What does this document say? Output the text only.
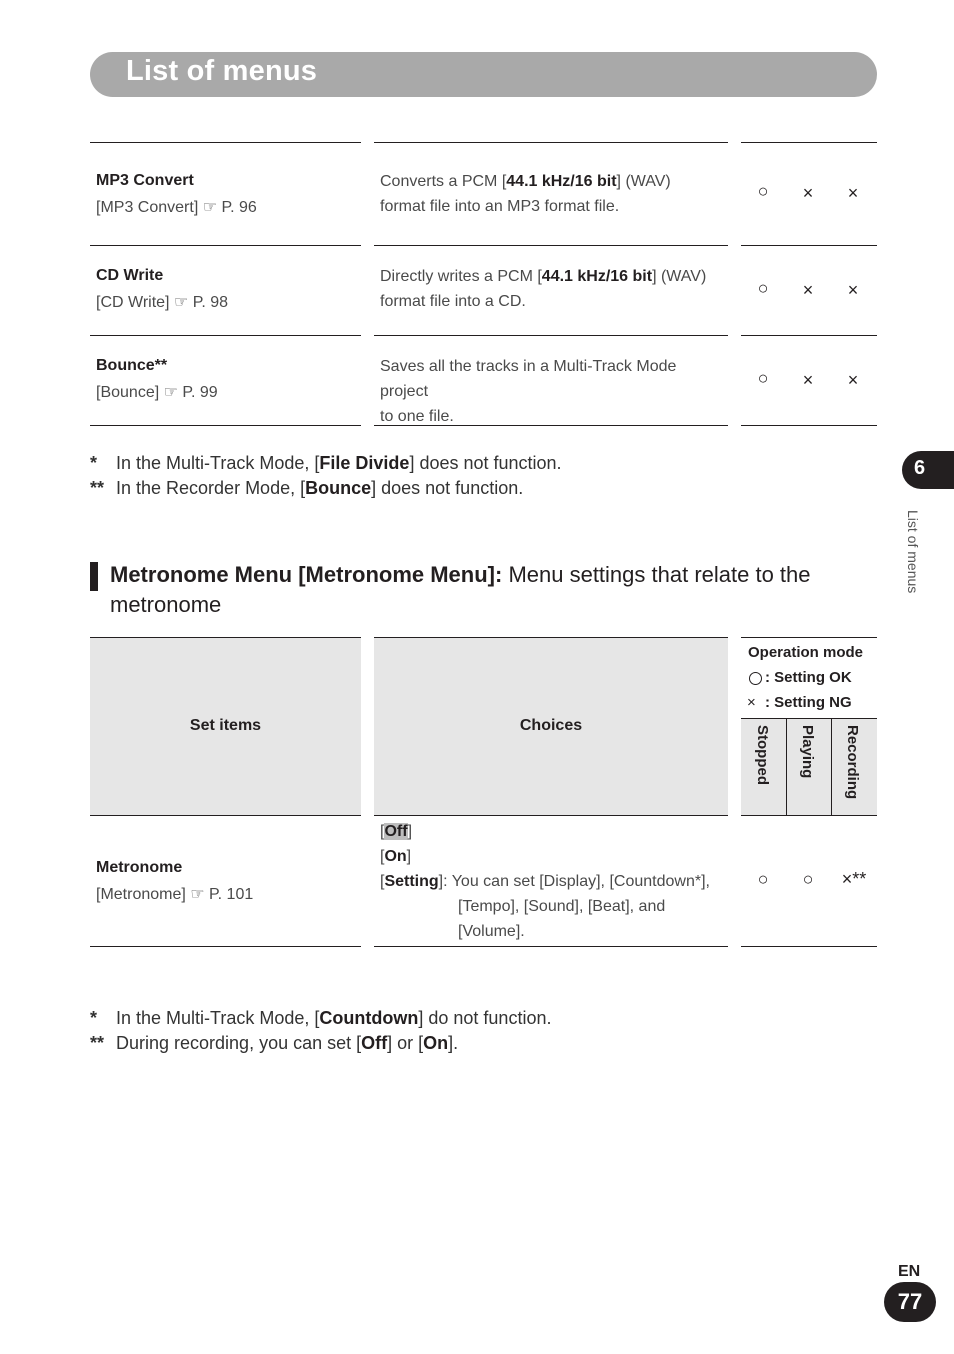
List of menus
MP3 Convert
[MP3 Convert] ☞ P. 96
Converts a PCM [44.1 kHz/16 bit] (WAV)
format file into an MP3 format file.
○ × ×
CD Write
[CD Write] ☞ P. 98
Directly writes a PCM [44.1 kHz/16 bit] (WAV)
format file into a CD.
○ × ×
Bounce**
[Bounce] ☞ P. 99
Saves all the tracks in a Multi-Track Mode project
to one file.
○ × ×
* In the Multi-Track Mode, [File Divide] does not function.
** In the Recorder Mode, [Bounce] does not function.
Metronome Menu [Metronome Menu]: Menu settings that relate to the metronome
Set items	Choices
Operation mode
: Setting OK
× : Setting NG
Stopped Playing Recording
Metronome
[Metronome] ☞ P. 101
[Off]
[On]
[Setting]: You can set [Display], [Countdown*],
[Tempo], [Sound], [Beat], and
[Volume].
○ ○ ×**
* In the Multi-Track Mode, [Countdown] do not function.
** During recording, you can set [Off] or [On].
6
List of menus
EN
77
